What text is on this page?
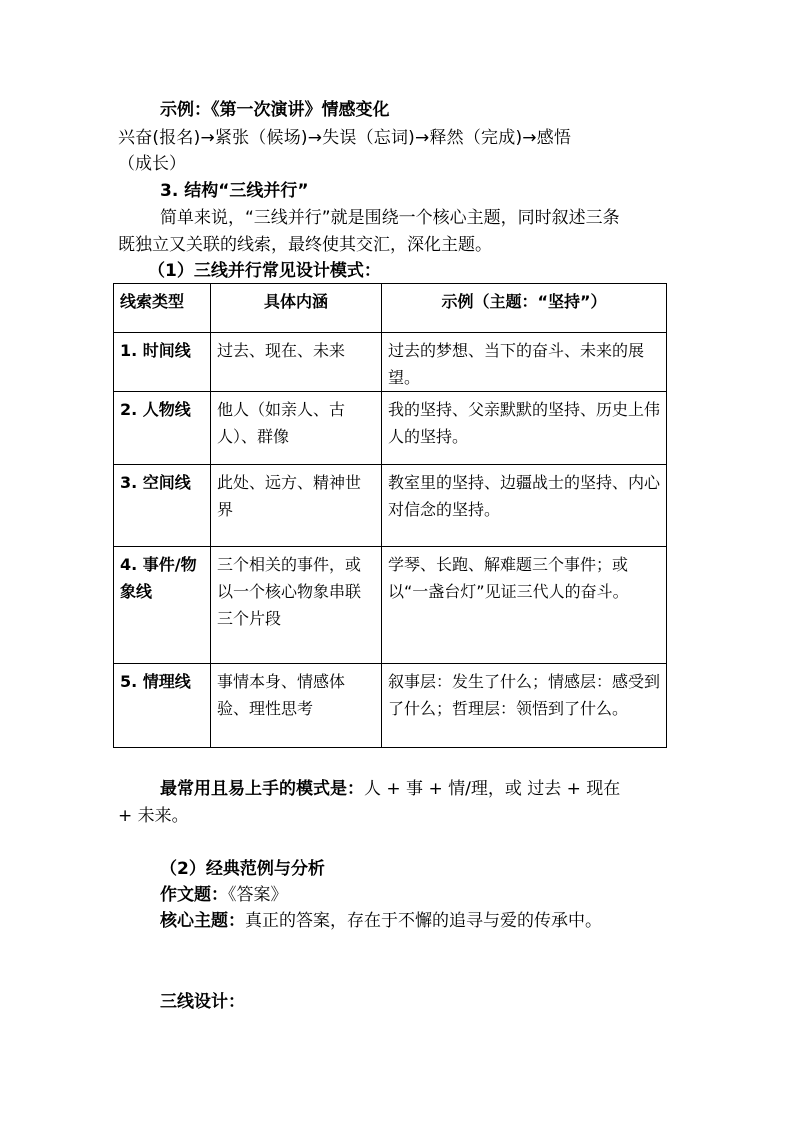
示例：《第一次演讲》情感变化
兴奋(报名)→紧张（候场)→失误（忘词)→释然（完成)→感悟
（成长）
3. 结构“三线并行”
简单来说，“三线并行”就是围绕一个核心主题，同时叙述三条
既独立又关联的线索，最终使其交汇，深化主题。
（1）三线并行常见设计模式：
线索类型	具体内涵	示例（主题：“坚持”）
1. 时间线	过去、现在、未来	过去的梦想、当下的奋斗、未来的展望。
2. 人物线	他人（如亲人、古人）、群像	我的坚持、父亲默默的坚持、历史上伟人的坚持。
3. 空间线	此处、远方、精神世界	教室里的坚持、边疆战士的坚持、内心对信念的坚持。
4. 事件/物象线	三个相关的事件，或以一个核心物象串联三个片段	学琴、长跑、解难题三个事件；或以“一盏台灯”见证三代人的奋斗。
5. 情理线	事情本身、情感体验、理性思考	叙事层：发生了什么；情感层：感受到了什么；哲理层：领悟到了什么。
最常用且易上手的模式是：人 + 事 + 情/理，或 过去 + 现在
+ 未来。
（2）经典范例与分析
作文题：《答案》
核心主题：真正的答案，存在于不懈的追寻与爱的传承中。
三线设计：
